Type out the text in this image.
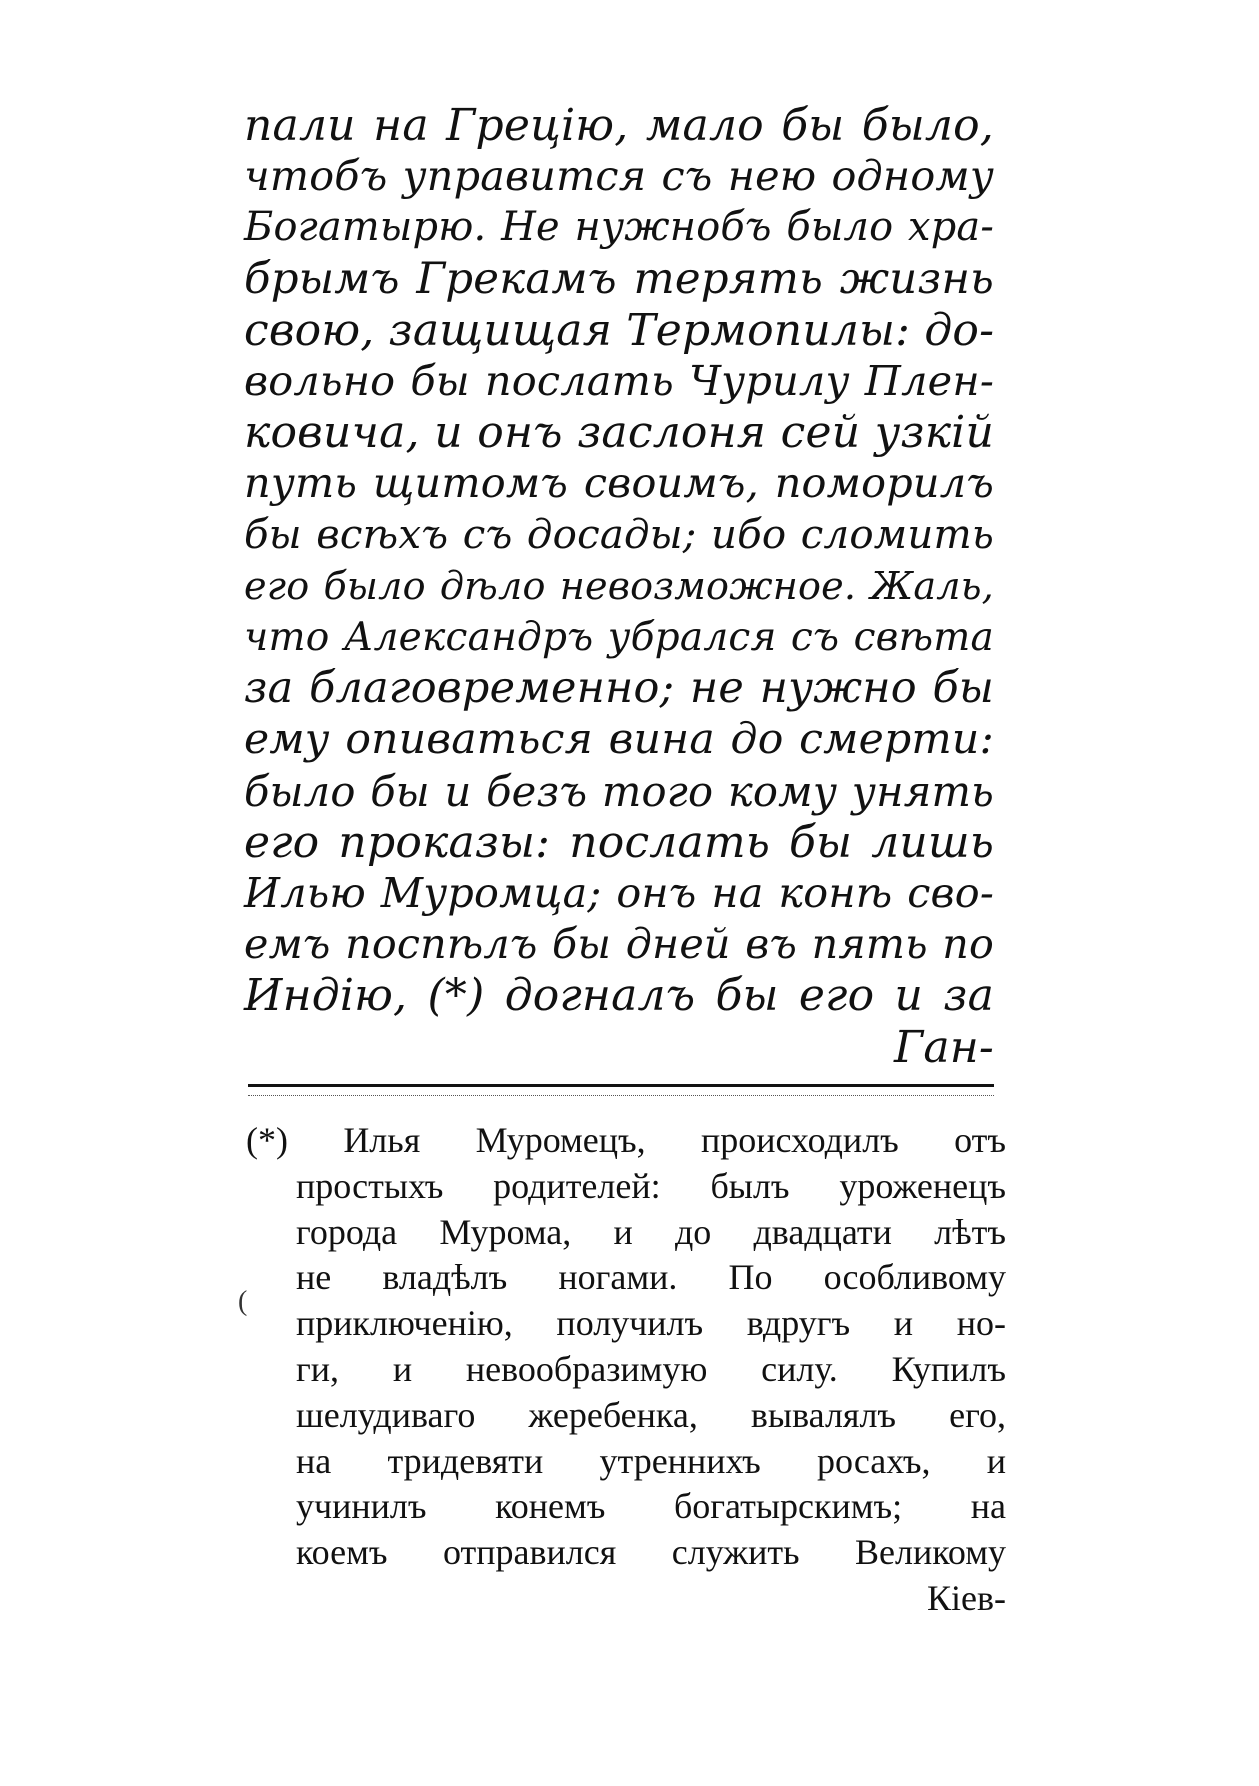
пали на Грецію, мало бы было,
чтобъ управится съ нею одному
Богатырю. Не нужнобъ было хра-
брымъ Грекамъ терять жизнь
свою, защищая Термопилы: до-
вольно бы послать Чурилу Плен-
ковича, и онъ заслоня сей узкій
путь щитомъ своимъ, поморилъ
бы всѣхъ съ досады; ибо сломить
его было дѣло невозможное. Жаль,
что Александръ убрался съ свѣта
за благовременно; не нужно бы
ему опиваться вина до смерти:
было бы и безъ того кому унять
его проказы: послать бы лишь
Илью Муромца; онъ на конѣ сво-
емъ поспѣлъ бы дней въ пять по
Индію, (*) догналъ бы его и за
Ган-
(
(*) Илья Муромецъ, происходилъ отъ
простыхъ родителей: былъ уроженецъ
города Мурома, и до двадцати лѣтъ
не владѣлъ ногами. По особливому
приключенію, получилъ вдругъ и но-
ги, и невообразимую силу. Купилъ
шелудиваго жеребенка, вывалялъ его,
на тридевяти утреннихъ росахъ, и
учинилъ конемъ богатырскимъ; на
коемъ отправился служить Великому
Кіев-
